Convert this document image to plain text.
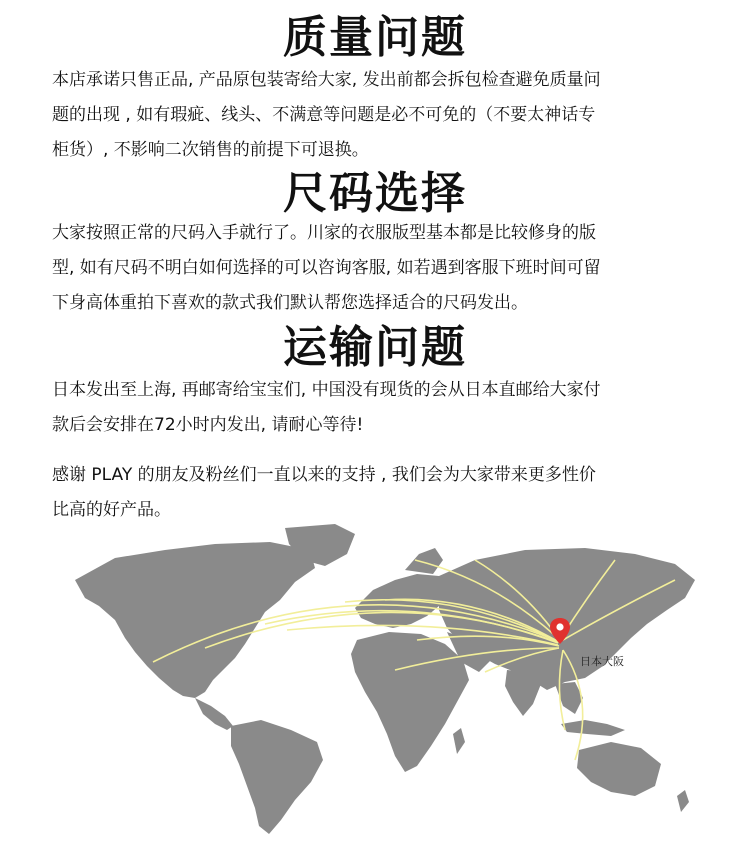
质量问题

本店承诺只售正品, 产品原包装寄给大家, 发出前都会拆包检查避免质量问
题的出现 , 如有瑕疵、线头、不满意等问题是必不可免的（不要太神话专
柜货）, 不影响二次销售的前提下可退换。

尺码选择

大家按照正常的尺码入手就行了。川家的衣服版型基本都是比较修身的版
型, 如有尺码不明白如何选择的可以咨询客服, 如若遇到客服下班时间可留
下身高体重拍下喜欢的款式我们默认帮您选择适合的尺码发出。

运输问题

日本发出至上海, 再邮寄给宝宝们, 中国没有现货的会从日本直邮给大家付
款后会安排在72小时内发出, 请耐心等待!

感谢 PLAY 的朋友及粉丝们一直以来的支持 , 我们会为大家带来更多性价
比高的好产品。

日本大阪
